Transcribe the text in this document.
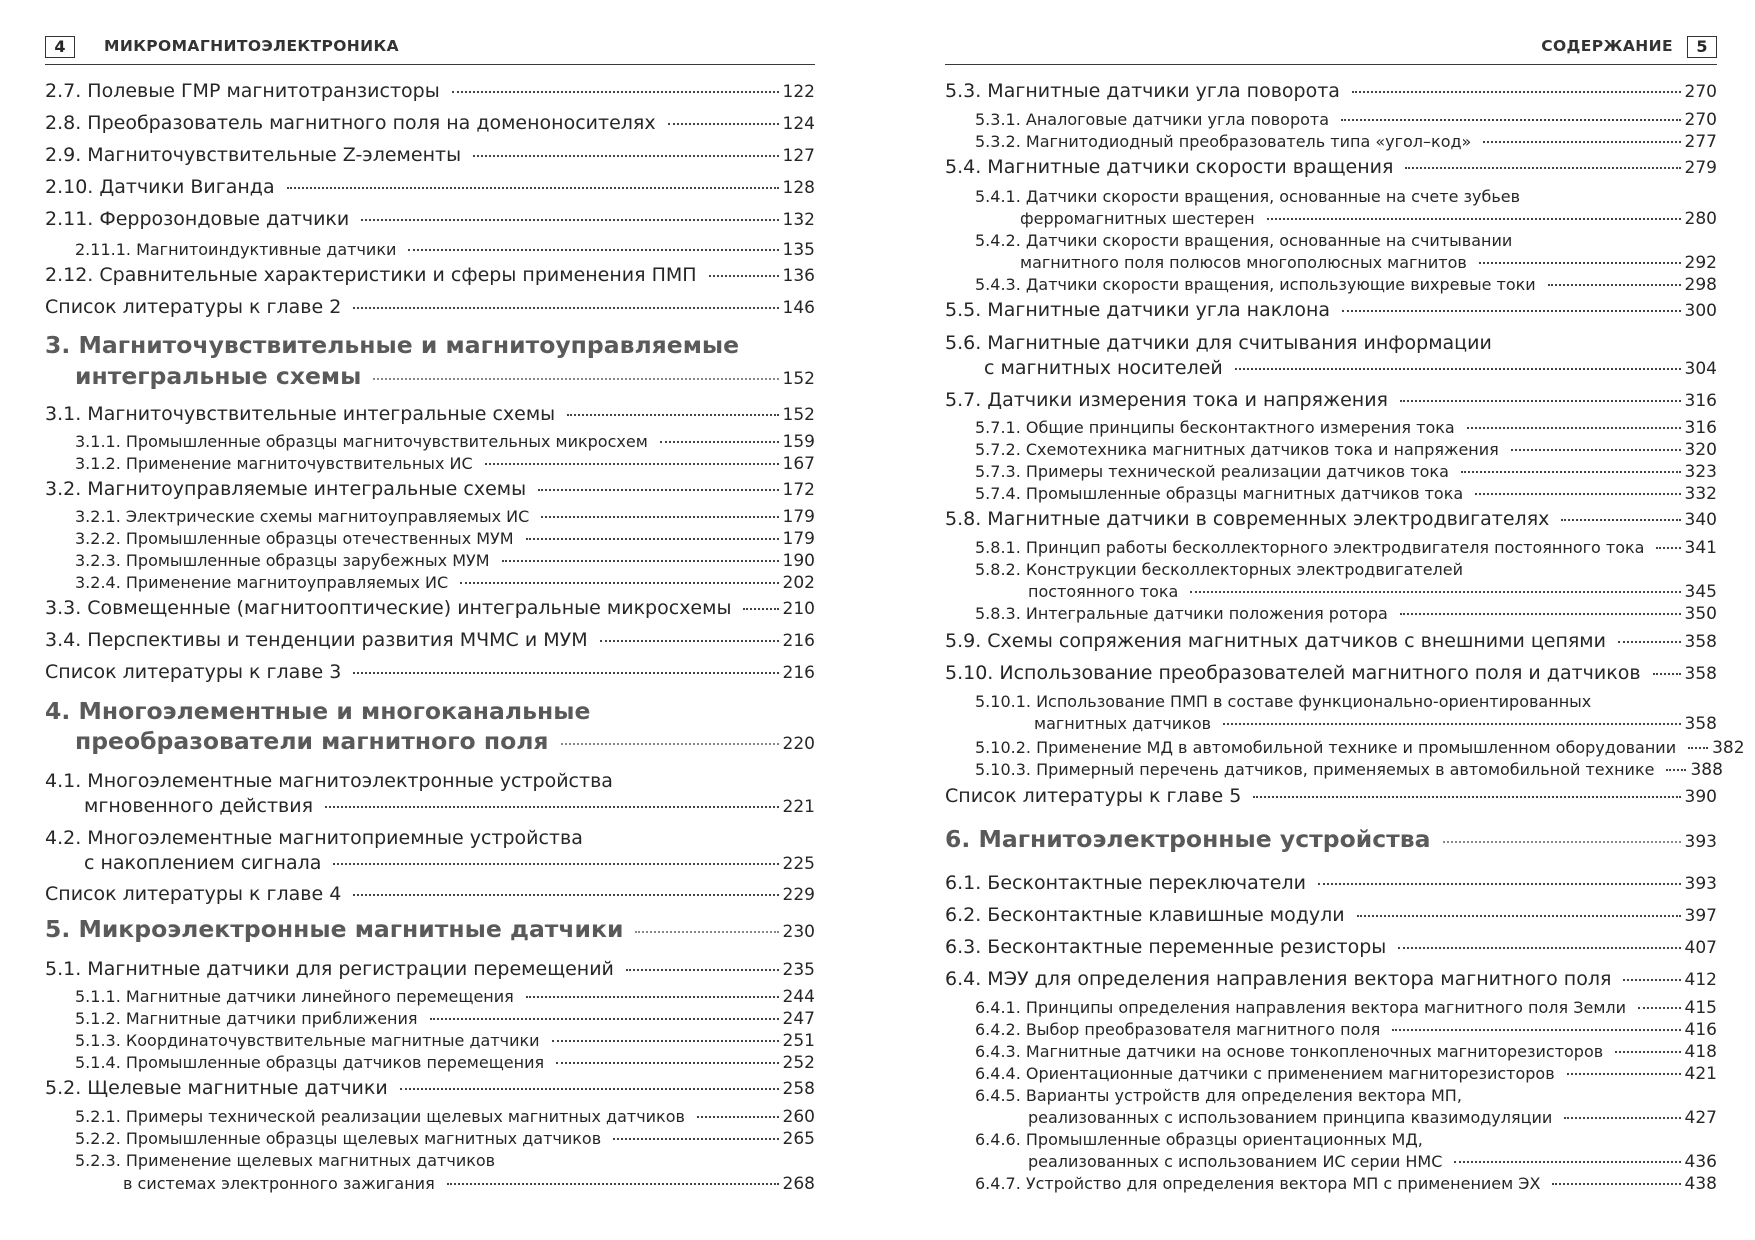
4	МИКРОМАГНИТОЭЛЕКТРОНИКА
2.7. Полевые ГМР магнитотранзисторы	122
2.8. Преобразователь магнитного поля на доменоносителях	124
2.9. Магниточувствительные Z-элементы	127
2.10. Датчики Виганда	128
2.11. Феррозондовые датчики	132
2.11.1. Магнитоиндуктивные датчики	135
2.12. Сравнительные характеристики и сферы применения ПМП	136
Список литературы к главе 2	146
3. Магниточувствительные и магнитоуправляемые
интегральные схемы	152
3.1. Магниточувствительные интегральные схемы	152
3.1.1. Промышленные образцы магниточувствительных микросхем	159
3.1.2. Применение магниточувствительных ИС	167
3.2. Магнитоуправляемые интегральные схемы	172
3.2.1. Электрические схемы магнитоуправляемых ИС	179
3.2.2. Промышленные образцы отечественных МУМ	179
3.2.3. Промышленные образцы зарубежных МУМ	190
3.2.4. Применение магнитоуправляемых ИС	202
3.3. Совмещенные (магнитооптические) интегральные микросхемы	210
3.4. Перспективы и тенденции развития МЧМС и МУМ	216
Список литературы к главе 3	216
4. Многоэлементные и многоканальные
преобразователи магнитного поля	220
4.1. Многоэлементные магнитоэлектронные устройства
мгновенного действия	221
4.2. Многоэлементные магнитоприемные устройства
с накоплением сигнала	225
Список литературы к главе 4	229
5. Микроэлектронные магнитные датчики	230
5.1. Магнитные датчики для регистрации перемещений	235
5.1.1. Магнитные датчики линейного перемещения	244
5.1.2. Магнитные датчики приближения	247
5.1.3. Координаточувствительные магнитные датчики	251
5.1.4. Промышленные образцы датчиков перемещения	252
5.2. Щелевые магнитные датчики	258
5.2.1. Примеры технической реализации щелевых магнитных датчиков	260
5.2.2. Промышленные образцы щелевых магнитных датчиков	265
5.2.3. Применение щелевых магнитных датчиков
в системах электронного зажигания	268
СОДЕРЖАНИЕ	5
5.3. Магнитные датчики угла поворота	270
5.3.1. Аналоговые датчики угла поворота	270
5.3.2. Магнитодиодный преобразователь типа «угол–код»	277
5.4. Магнитные датчики скорости вращения	279
5.4.1. Датчики скорости вращения, основанные на счете зубьев
ферромагнитных шестерен	280
5.4.2. Датчики скорости вращения, основанные на считывании
магнитного поля полюсов многополюсных магнитов	292
5.4.3. Датчики скорости вращения, использующие вихревые токи	298
5.5. Магнитные датчики угла наклона	300
5.6. Магнитные датчики для считывания информации
с магнитных носителей	304
5.7. Датчики измерения тока и напряжения	316
5.7.1. Общие принципы бесконтактного измерения тока	316
5.7.2. Схемотехника магнитных датчиков тока и напряжения	320
5.7.3. Примеры технической реализации датчиков тока	323
5.7.4. Промышленные образцы магнитных датчиков тока	332
5.8. Магнитные датчики в современных электродвигателях	340
5.8.1. Принцип работы бесколлекторного электродвигателя постоянного тока	341
5.8.2. Конструкции бесколлекторных электродвигателей
постоянного тока	345
5.8.3. Интегральные датчики положения ротора	350
5.9. Схемы сопряжения магнитных датчиков с внешними цепями	358
5.10. Использование преобразователей магнитного поля и датчиков	358
5.10.1. Использование ПМП в составе функционально-ориентированных
магнитных датчиков	358
5.10.2. Применение МД в автомобильной технике и промышленном оборудовании	382
5.10.3. Примерный перечень датчиков, применяемых в автомобильной технике	388
Список литературы к главе 5	390
6. Магнитоэлектронные устройства	393
6.1. Бесконтактные переключатели	393
6.2. Бесконтактные клавишные модули	397
6.3. Бесконтактные переменные резисторы	407
6.4. МЭУ для определения направления вектора магнитного поля	412
6.4.1. Принципы определения направления вектора магнитного поля Земли	415
6.4.2. Выбор преобразователя магнитного поля	416
6.4.3. Магнитные датчики на основе тонкопленочных магниторезисторов	418
6.4.4. Ориентационные датчики с применением магниторезисторов	421
6.4.5. Варианты устройств для определения вектора МП,
реализованных с использованием принципа квазимодуляции	427
6.4.6. Промышленные образцы ориентационных МД,
реализованных с использованием ИС серии НМС	436
6.4.7. Устройство для определения вектора МП с применением ЭХ	438
